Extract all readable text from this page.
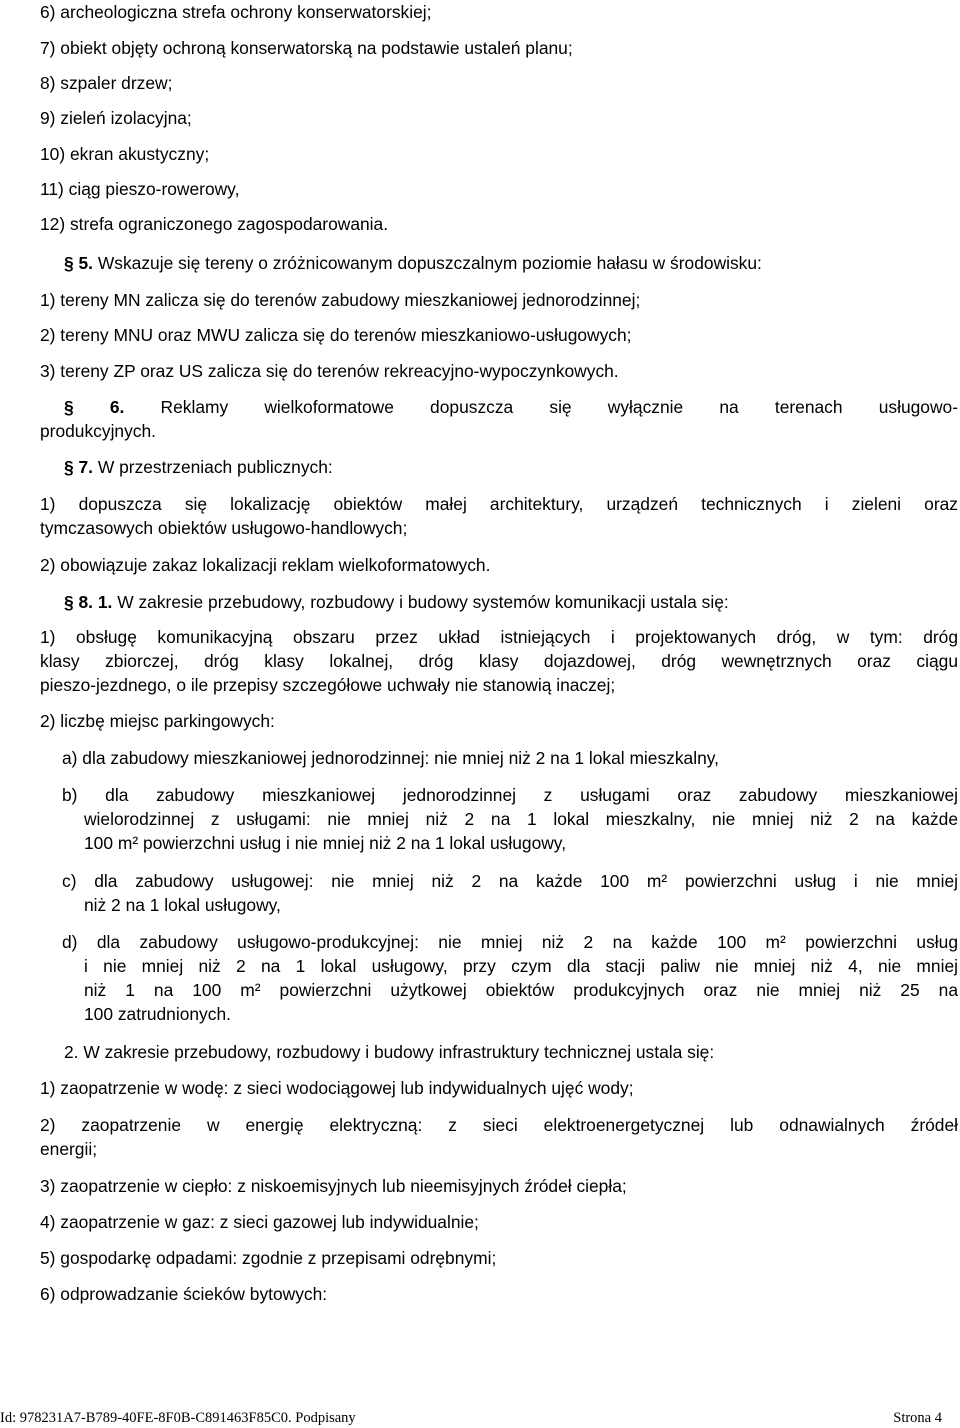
6) archeologiczna strefa ochrony konserwatorskiej;
7) obiekt objęty ochroną konserwatorską na podstawie ustaleń planu;
8) szpaler drzew;
9) zieleń izolacyjna;
10) ekran akustyczny;
11) ciąg pieszo-rowerowy,
12) strefa ograniczonego zagospodarowania.
§ 5. Wskazuje się tereny o zróżnicowanym dopuszczalnym poziomie hałasu w środowisku:
1) tereny MN zalicza się do terenów zabudowy mieszkaniowej jednorodzinnej;
2) tereny MNU oraz MWU zalicza się do terenów mieszkaniowo-usługowych;
3) tereny ZP oraz US zalicza się do terenów rekreacyjno-wypoczynkowych.
§ 6. Reklamy wielkoformatowe dopuszcza się wyłącznie na terenach usługowo-
produkcyjnych.
§ 7. W przestrzeniach publicznych:
1) dopuszcza się lokalizację obiektów małej architektury, urządzeń technicznych i zieleni oraz
tymczasowych obiektów usługowo-handlowych;
2) obowiązuje zakaz lokalizacji reklam wielkoformatowych.
§ 8. 1. W zakresie przebudowy, rozbudowy i budowy systemów komunikacji ustala się:
1) obsługę komunikacyjną obszaru przez układ istniejących i projektowanych dróg, w tym: dróg
klasy zbiorczej, dróg klasy lokalnej, dróg klasy dojazdowej, dróg wewnętrznych oraz ciągu
pieszo-jezdnego, o ile przepisy szczegółowe uchwały nie stanowią inaczej;
2) liczbę miejsc parkingowych:
a) dla zabudowy mieszkaniowej jednorodzinnej: nie mniej niż 2 na 1 lokal mieszkalny,
b) dla zabudowy mieszkaniowej jednorodzinnej z usługami oraz zabudowy mieszkaniowej
wielorodzinnej z usługami: nie mniej niż 2 na 1 lokal mieszkalny, nie mniej niż 2 na każde
100 m² powierzchni usług i nie mniej niż 2 na 1 lokal usługowy,
c) dla zabudowy usługowej: nie mniej niż 2 na każde 100 m² powierzchni usług i nie mniej
niż 2 na 1 lokal usługowy,
d) dla zabudowy usługowo-produkcyjnej: nie mniej niż 2 na każde 100 m² powierzchni usług
i nie mniej niż 2 na 1 lokal usługowy, przy czym dla stacji paliw nie mniej niż 4, nie mniej
niż 1 na 100 m² powierzchni użytkowej obiektów produkcyjnych oraz nie mniej niż 25 na
100 zatrudnionych.
2. W zakresie przebudowy, rozbudowy i budowy infrastruktury technicznej ustala się:
1) zaopatrzenie w wodę: z sieci wodociągowej lub indywidualnych ujęć wody;
2) zaopatrzenie w energię elektryczną: z sieci elektroenergetycznej lub odnawialnych źródeł
energii;
3) zaopatrzenie w ciepło: z niskoemisyjnych lub nieemisyjnych źródeł ciepła;
4) zaopatrzenie w gaz: z sieci gazowej lub indywidualnie;
5) gospodarkę odpadami: zgodnie z przepisami odrębnymi;
6) odprowadzanie ścieków bytowych:
Id: 978231A7-B789-40FE-8F0B-C891463F85C0. Podpisany	Strona 4
